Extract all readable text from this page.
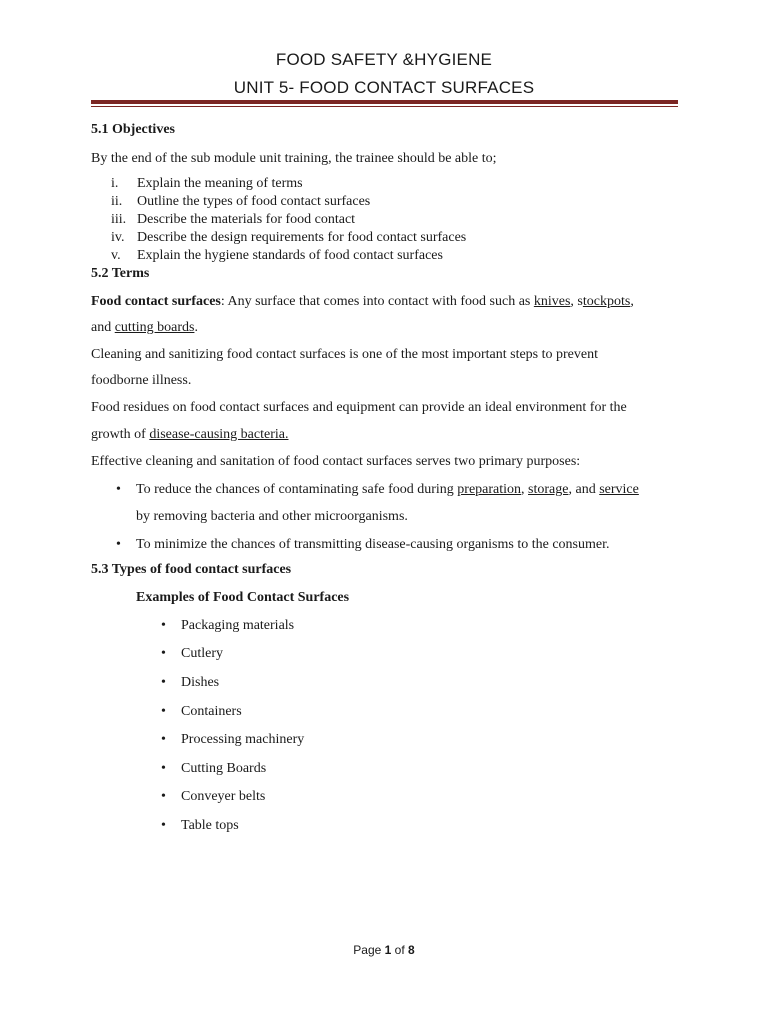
FOOD SAFETY &HYGIENE
UNIT 5- FOOD CONTACT SURFACES
5.1 Objectives
By the end of the sub module unit training, the trainee should be able to;
i.	Explain the meaning of terms
ii.	Outline the types of food contact surfaces
iii. Describe the materials for food contact
iv. Describe the design requirements for food contact surfaces
v.	Explain the hygiene standards of food contact surfaces
5.2 Terms
Food contact surfaces: Any surface that comes into contact with food such as knives, stockpots,
and cutting boards.
Cleaning and sanitizing food contact surfaces is one of the most important steps to prevent
foodborne illness.
Food residues on food contact surfaces and equipment can provide an ideal environment for the
growth of disease-causing bacteria.
Effective cleaning and sanitation of food contact surfaces serves two primary purposes:
• To reduce the chances of contaminating safe food during preparation, storage, and service
by removing bacteria and other microorganisms.
• To minimize the chances of transmitting disease-causing organisms to the consumer.
5.3 Types of food contact surfaces
Examples of Food Contact Surfaces
• Packaging materials
• Cutlery
• Dishes
• Containers
• Processing machinery
• Cutting Boards
• Conveyer belts
• Table tops
Page 1 of 8
